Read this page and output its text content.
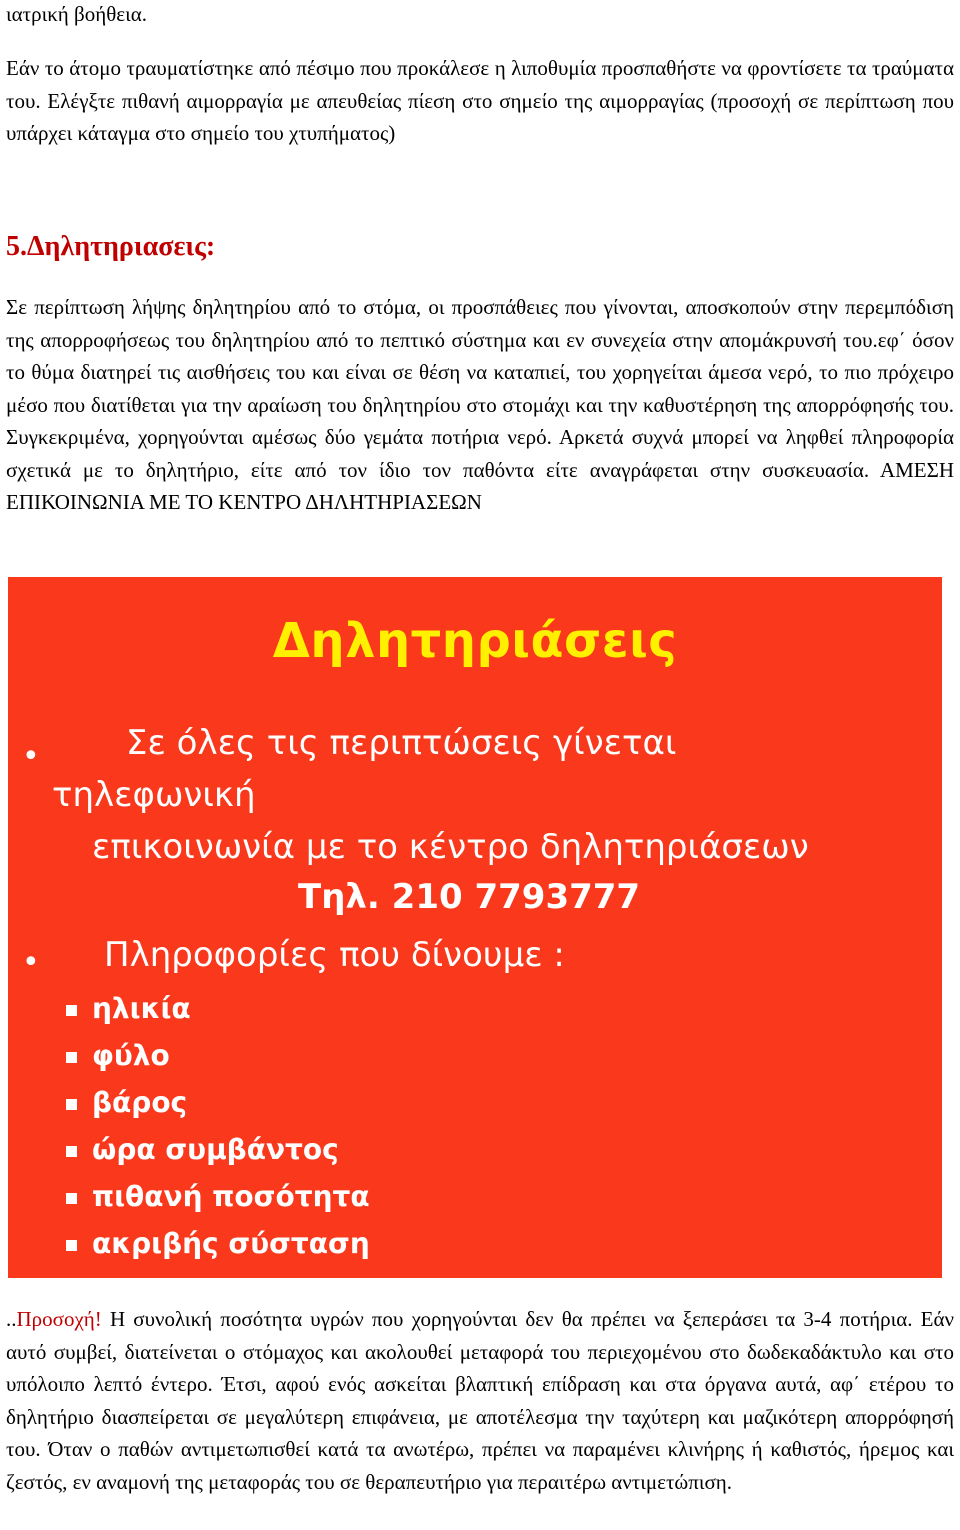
ιατρική βοήθεια.

Εάν το άτομο τραυματίστηκε από πέσιμο που προκάλεσε η λιποθυμία προσπαθήστε να φροντίσετε τα τραύματα του. Ελέγξτε πιθανή αιμορραγία με απευθείας πίεση στο σημείο της αιμορραγίας (προσοχή σε περίπτωση που υπάρχει κάταγμα στο σημείο του χτυπήματος)

5.Δηλητηριασεις:

Σε περίπτωση λήψης δηλητηρίου από το στόμα, οι προσπάθειες που γίνονται, αποσκοπούν στην περεμπόδιση της απορροφήσεως του δηλητηρίου από το πεπτικό σύστημα και εν συνεχεία στην απομάκρυνσή του.εφ΄ όσον το θύμα διατηρεί τις αισθήσεις του και είναι σε θέση να καταπιεί, του χορηγείται άμεσα νερό, το πιο πρόχειρο μέσο που διατίθεται για την αραίωση του δηλητηρίου στο στομάχι και την καθυστέρηση της απορρόφησής του. Συγκεκριμένα, χορηγούνται αμέσως δύο γεμάτα ποτήρια νερό. Αρκετά συχνά μπορεί να ληφθεί πληροφορία σχετικά με το δηλητήριο, είτε από τον ίδιο τον παθόντα είτε αναγράφεται στην συσκευασία. ΑΜΕΣΗ ΕΠΙΚΟΙΝΩΝΙΑ ΜΕ ΤΟ ΚΕΝΤΡΟ ΔΗΛΗΤΗΡΙΑΣΕΩΝ

Δηλητηριάσεις
•	Σε όλες τις περιπτώσεις γίνεται

τηλεφωνική

επικοινωνία με το κέντρο δηλητηριάσεων

Τηλ. 210 7793777

• Πληροφορίες που δίνουμε :

ηλικία

φύλο

βάρος

ώρα συμβάντος

πιθανή ποσότητα

ακριβής σύσταση

..Προσοχή! Η συνολική ποσότητα υγρών που χορηγούνται δεν θα πρέπει να ξεπεράσει τα 3-4 ποτήρια. Εάν αυτό συμβεί, διατείνεται ο στόμαχος και ακολουθεί μεταφορά του περιεχομένου στο δωδεκαδάκτυλο και στο υπόλοιπο λεπτό έντερο. Έτσι, αφού ενός ασκείται βλαπτική επίδραση και στα όργανα αυτά, αφ΄ ετέρου το δηλητήριο διασπείρεται σε μεγαλύτερη επιφάνεια, με αποτέλεσμα την ταχύτερη και μαζικότερη απορρόφησή του. Όταν ο παθών αντιμετωπισθεί κατά τα ανωτέρω, πρέπει να παραμένει κλινήρης ή καθιστός, ήρεμος και ζεστός, εν αναμονή της μεταφοράς του σε θεραπευτήριο για περαιτέρω αντιμετώπιση.
